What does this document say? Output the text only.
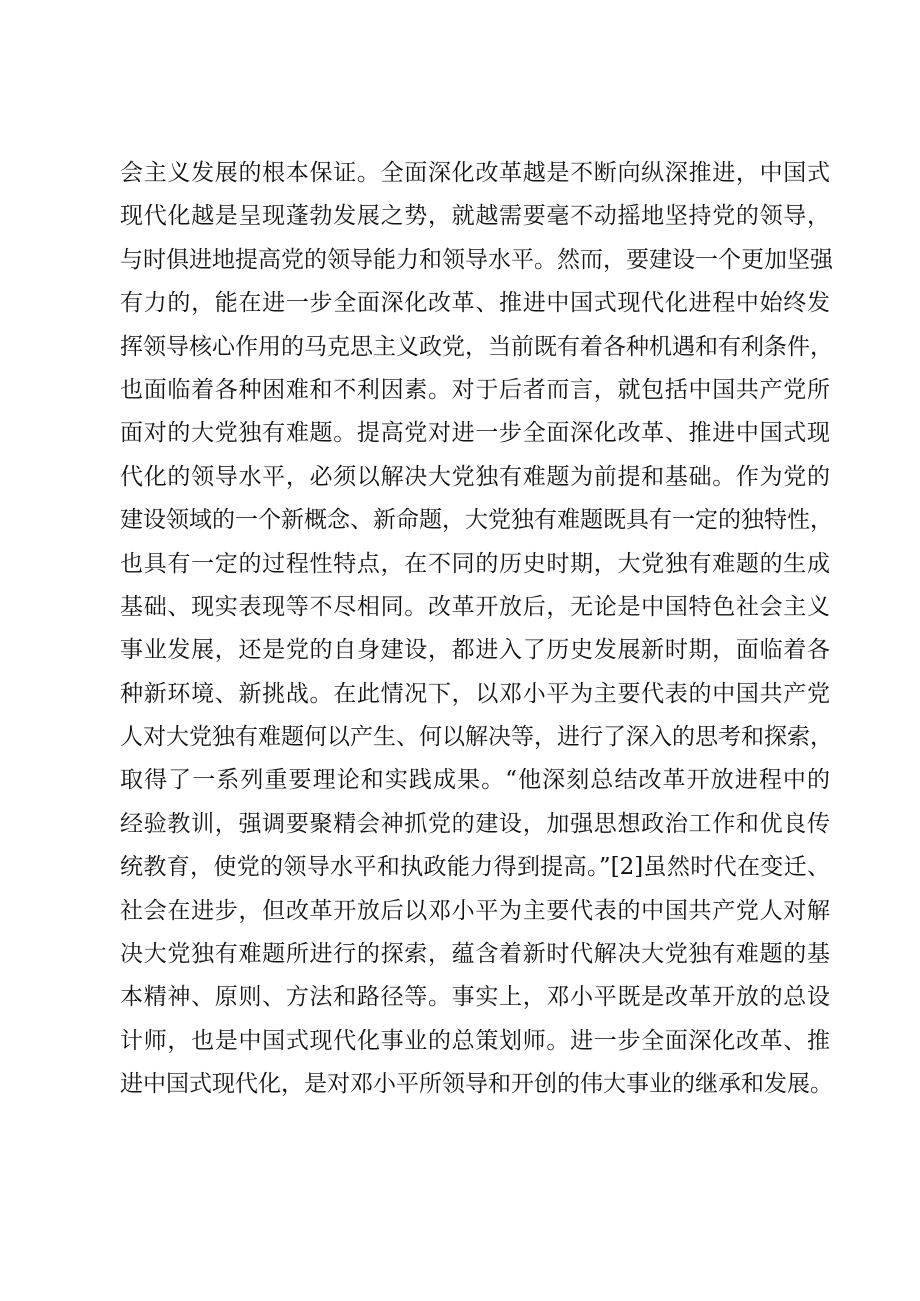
会主义发展的根本保证。全面深化改革越是不断向纵深推进，中国式
现代化越是呈现蓬勃发展之势，就越需要毫不动摇地坚持党的领导，
与时俱进地提高党的领导能力和领导水平。然而，要建设一个更加坚强
有力的，能在进一步全面深化改革、推进中国式现代化进程中始终发
挥领导核心作用的马克思主义政党，当前既有着各种机遇和有利条件，
也面临着各种困难和不利因素。对于后者而言，就包括中国共产党所
面对的大党独有难题。提高党对进一步全面深化改革、推进中国式现
代化的领导水平，必须以解决大党独有难题为前提和基础。作为党的
建设领域的一个新概念、新命题，大党独有难题既具有一定的独特性，
也具有一定的过程性特点，在不同的历史时期，大党独有难题的生成
基础、现实表现等不尽相同。改革开放后，无论是中国特色社会主义
事业发展，还是党的自身建设，都进入了历史发展新时期，面临着各
种新环境、新挑战。在此情况下，以邓小平为主要代表的中国共产党
人对大党独有难题何以产生、何以解决等，进行了深入的思考和探索，
取得了一系列重要理论和实践成果。“他深刻总结改革开放进程中的
经验教训，强调要聚精会神抓党的建设，加强思想政治工作和优良传
统教育，使党的领导水平和执政能力得到提高。”[2]虽然时代在变迁、
社会在进步，但改革开放后以邓小平为主要代表的中国共产党人对解
决大党独有难题所进行的探索，蕴含着新时代解决大党独有难题的基
本精神、原则、方法和路径等。事实上，邓小平既是改革开放的总设
计师，也是中国式现代化事业的总策划师。进一步全面深化改革、推
进中国式现代化，是对邓小平所领导和开创的伟大事业的继承和发展。
